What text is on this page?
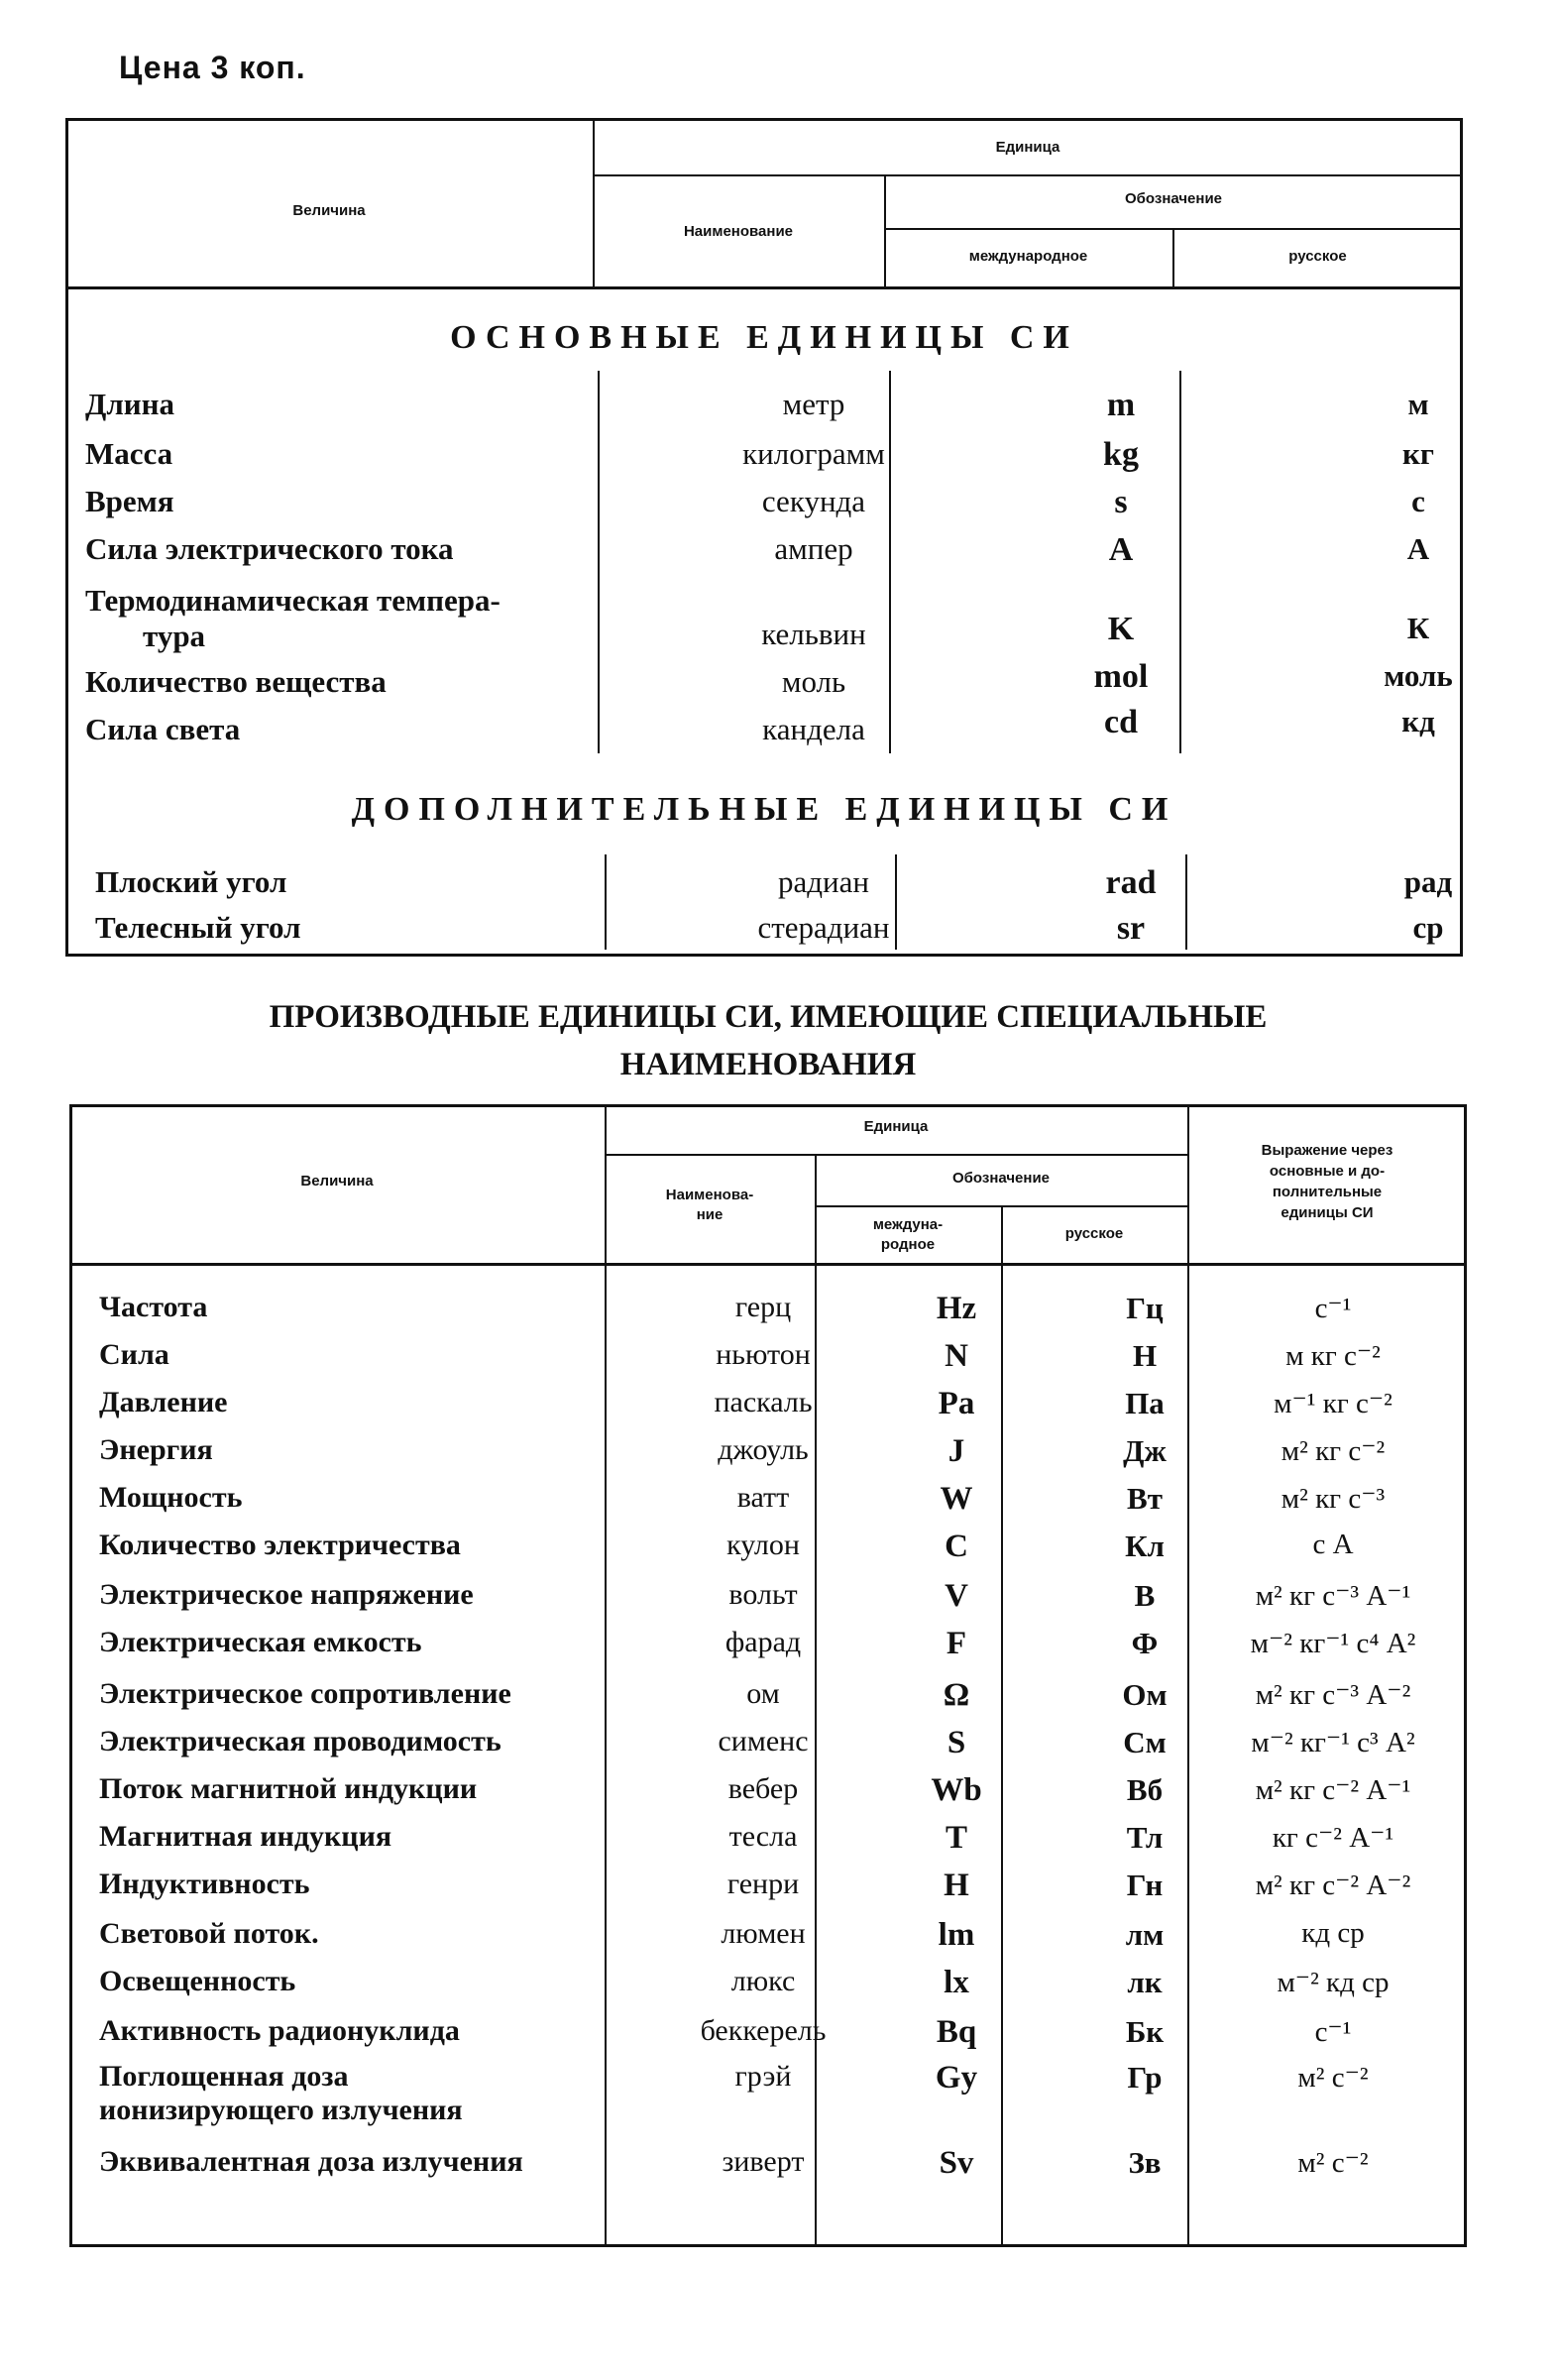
Цена 3 коп.
Величина
Единица
Наименование
Обозначение
международное	русское
ОСНОВНЫЕ ЕДИНИЦЫ СИ
Длина	метр	m	м
Масса	килограмм	kg	кг
Время	секунда	s	с
Сила электрического тока	ампер	A	А
Термодинамическая темпера-
тура	кельвин	K	К
Количество вещества	моль	mol	моль
Сила света	кандела	cd	кд
ДОПОЛНИТЕЛЬНЫЕ ЕДИНИЦЫ СИ
Плоский угол	радиан	rad	рад
Телесный угол	стерадиан	sr	ср
ПРОИЗВОДНЫЕ ЕДИНИЦЫ СИ, ИМЕЮЩИЕ СПЕЦИАЛЬНЫЕ
НАИМЕНОВАНИЯ
Величина
Единица
Наименова-
ние
Обозначение
междуна-
родное
русское
Выражение через
основные и до-
полнительные
единицы СИ
Частота	герц	Hz	Гц	с⁻¹
Сила	ньютон	N	Н	м кг с⁻²
Давление	паскаль	Pa	Па	м⁻¹ кг с⁻²
Энергия	джоуль	J	Дж	м² кг с⁻²
Мощность	ватт	W	Вт	м² кг с⁻³
Количество электричества	кулон	C	Кл	с А
Электрическое напряжение	вольт	V	В	м² кг с⁻³ А⁻¹
Электрическая емкость	фарад	F	Ф	м⁻² кг⁻¹ с⁴ А²
Электрическое сопротивление	ом	Ω	Ом	м² кг с⁻³ А⁻²
Электрическая проводимость	сименс	S	См	м⁻² кг⁻¹ с³ А²
Поток магнитной индукции	вебер	Wb	Вб	м² кг с⁻² А⁻¹
Магнитная индукция	тесла	T	Тл	кг с⁻² А⁻¹
Индуктивность	генри	H	Гн	м² кг с⁻² А⁻²
Световой поток.	люмен	lm	лм	кд ср
Освещенность	люкс	lx	лк	м⁻² кд ср
Активность радионуклида	беккерель	Bq	Бк	с⁻¹
Поглощенная доза
ионизирующего излучения
грэй	Gy	Гр	м² с⁻²
Эквивалентная доза излучения	зиверт	Sv	Зв	м² с⁻²
